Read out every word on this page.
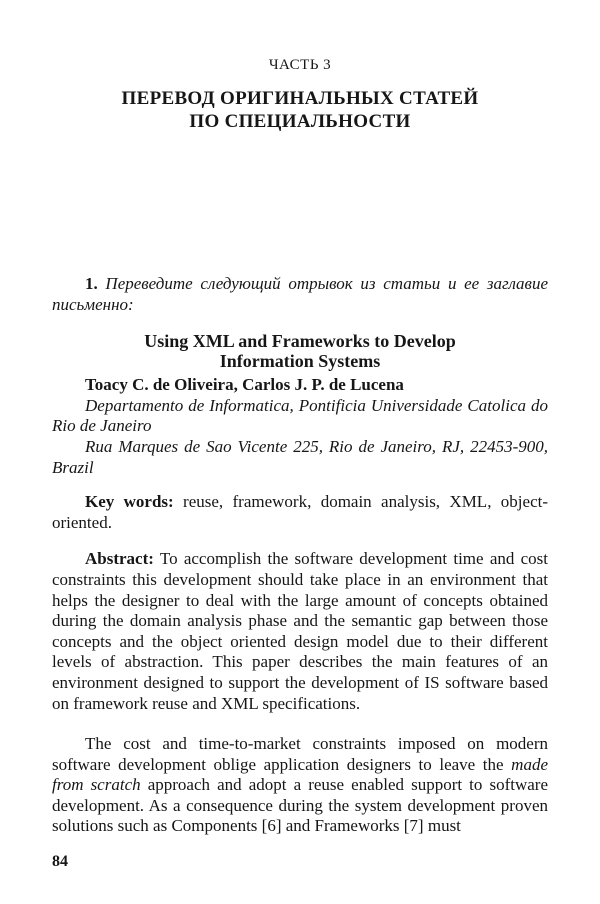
ЧАСТЬ 3
ПЕРЕВОД ОРИГИНАЛЬНЫХ СТАТЕЙ
ПО СПЕЦИАЛЬНОСТИ

1. Переведите следующий отрывок из статьи и ее заглавие письменно:

Using XML and Frameworks to Develop
Information Systems

Toacy C. de Oliveira, Carlos J. P. de Lucena

Departamento de Informatica, Pontificia Universidade Catolica do Rio de Janeiro

Rua Marques de Sao Vicente 225, Rio de Janeiro, RJ, 22453-900, Brazil

Key words: reuse, framework, domain analysis, XML, object-oriented.

Abstract: To accomplish the software development time and cost constraints this development should take place in an environment that helps the designer to deal with the large amount of concepts obtained during the domain analysis phase and the semantic gap between those concepts and the object oriented design model due to their different levels of abstraction. This paper describes the main features of an environment designed to support the development of IS software based on framework reuse and XML specifications.

The cost and time-to-market constraints imposed on modern software development oblige application designers to leave the made from scratch approach and adopt a reuse enabled support to software development. As a consequence during the system development proven solutions such as Components [6] and Frameworks [7] must

84
